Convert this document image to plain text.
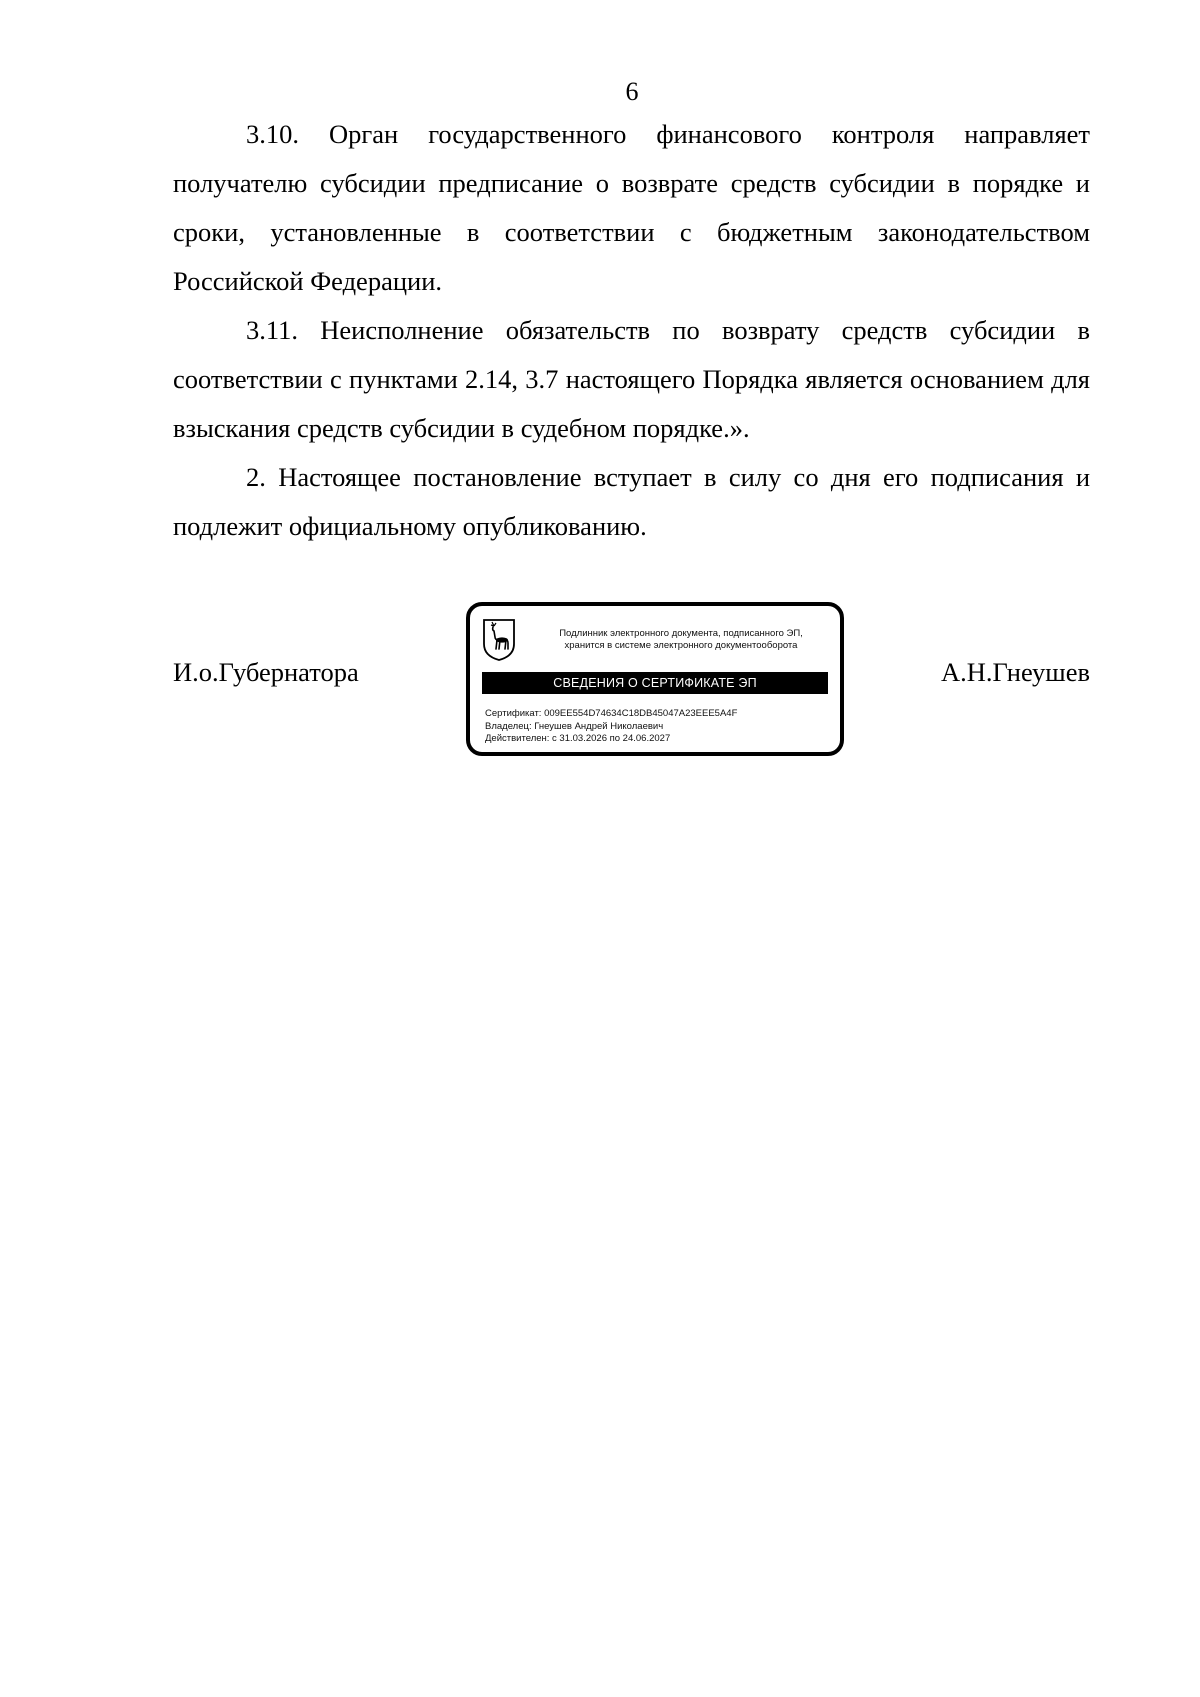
6

3.10. Орган государственного финансового контроля направляет получателю субсидии предписание о возврате средств субсидии в порядке и сроки, установленные в соответствии с бюджетным законодательством Российской Федерации.

3.11. Неисполнение обязательств по возврату средств субсидии в соответствии с пунктами 2.14, 3.7 настоящего Порядка является основанием для взыскания средств субсидии в судебном порядке.».

2. Настоящее постановление вступает в силу со дня его подписания и подлежит официальному опубликованию.

И.о.Губернатора
Подлинник электронного документа, подписанного ЭП,
хранится в системе электронного документооборота
СВЕДЕНИЯ О СЕРТИФИКАТЕ ЭП
Сертификат: 009EE554D74634C18DB45047A23EEE5A4F
Владелец: Гнеушев Андрей Николаевич
Действителен: с 31.03.2026 по 24.06.2027
А.Н.Гнеушев
